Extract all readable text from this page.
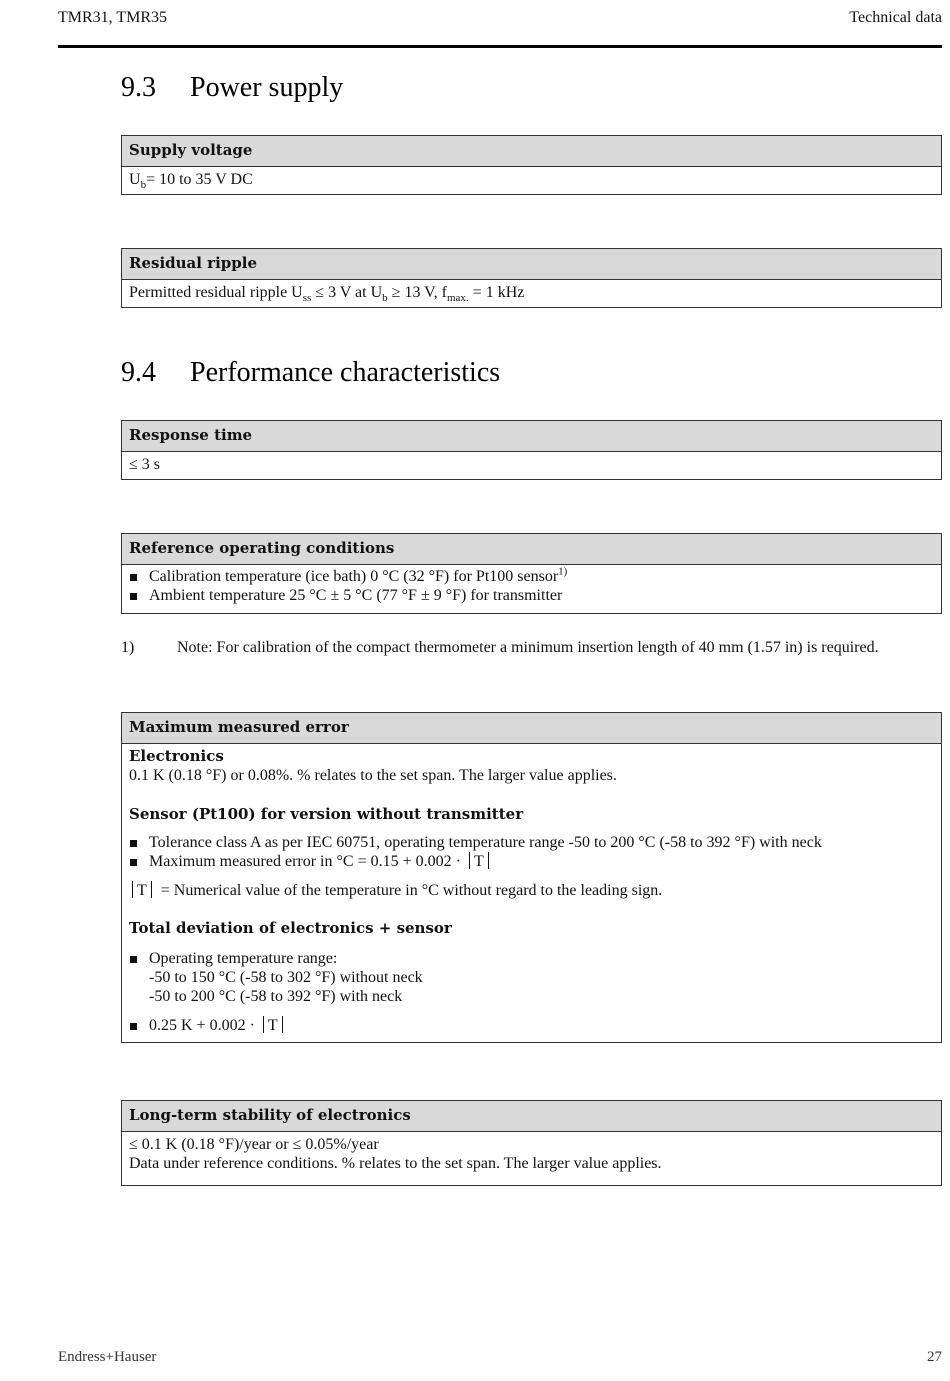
TMR31, TMR35	Technical data
9.3 Power supply
Supply voltage
$U_b= 10$ to 35 V DC
Residual ripple
Permitted residual ripple $U_{ss} \le 3$ V at $U_b \ge 13$ V, $f_{max.} = 1$ kHz
9.4 Performance characteristics
Response time
≤ 3 s
Reference operating conditions
Calibration temperature (ice bath) 0 °C (32 °F) for Pt100 sensor$^{1)}$
Ambient temperature 25 °C ± 5 °C (77 °F ± 9 °F) for transmitter
1)	Note: For calibration of the compact thermometer a minimum insertion length of 40 mm (1.57 in) is required.
Maximum measured error
Electronics
0.1 K (0.18 °F) or 0.08%. % relates to the set span. The larger value applies.
Sensor (Pt100) for version without transmitter
Tolerance class A as per IEC 60751, operating temperature range -50 to 200 °C (-58 to 392 °F) with neck
Maximum measured error in °C = 0.15 + 0.002 · T
T = Numerical value of the temperature in °C without regard to the leading sign.
Total deviation of electronics + sensor
Operating temperature range:
-50 to 150 °C (-58 to 302 °F) without neck
-50 to 200 °C (-58 to 392 °F) with neck
0.25 K + 0.002 · T
Long-term stability of electronics
≤ 0.1 K (0.18 °F)/year or ≤ 0.05%/year
Data under reference conditions. % relates to the set span. The larger value applies.
Endress+Hauser	27
